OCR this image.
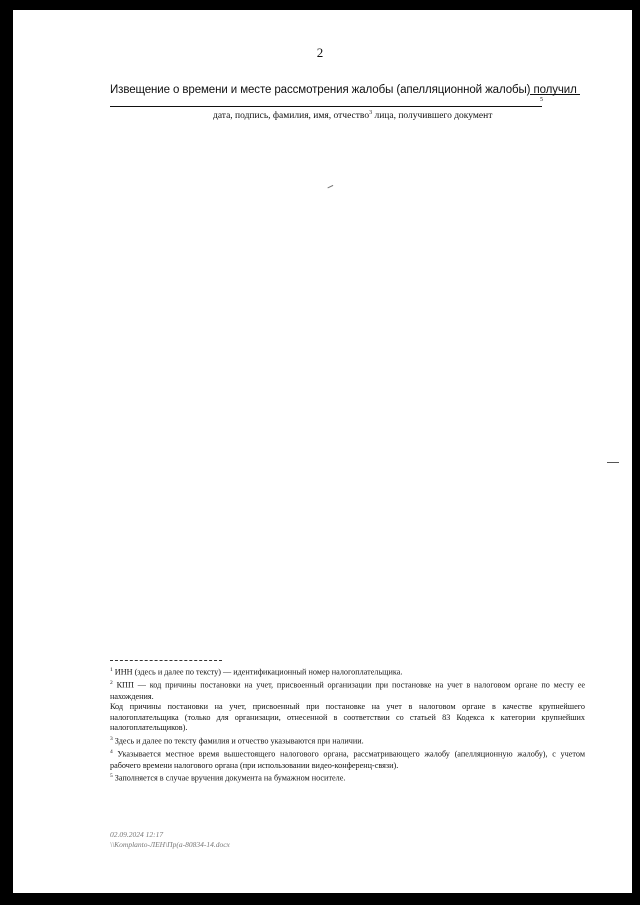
2
Извещение о времени и месте рассмотрения жалобы (апелляционной жалобы) получил
5
дата, подпись, фамилия, имя, отчество$^3$ лица, получившего документ

$^1$ ИНН (здесь и далее по тексту) — идентификационный номер налогоплательщика.

$^2$ КПП — код причины постановки на учет, присвоенный организации при постановке на учет в налоговом органе по месту ее нахождения.

Код причины постановки на учет, присвоенный при постановке на учет в налоговом органе в качестве крупнейшего налогоплательщика (только для организации, отнесенной в соответствии со статьей 83 Кодекса к категории крупнейших налогоплательщиков).

$^3$ Здесь и далее по тексту фамилия и отчество указываются при наличии.

$^4$ Указывается местное время вышестоящего налогового органа, рассматривающего жалобу (апелляционную жалобу), с учетом рабочего времени налогового органа (при использовании видео-конференц-связи).

$^5$ Заполняется в случае вручения документа на бумажном носителе.

02.09.2024 12:17
\\Komplanto-ЛЕН\Пр(а-80834-14.docx
